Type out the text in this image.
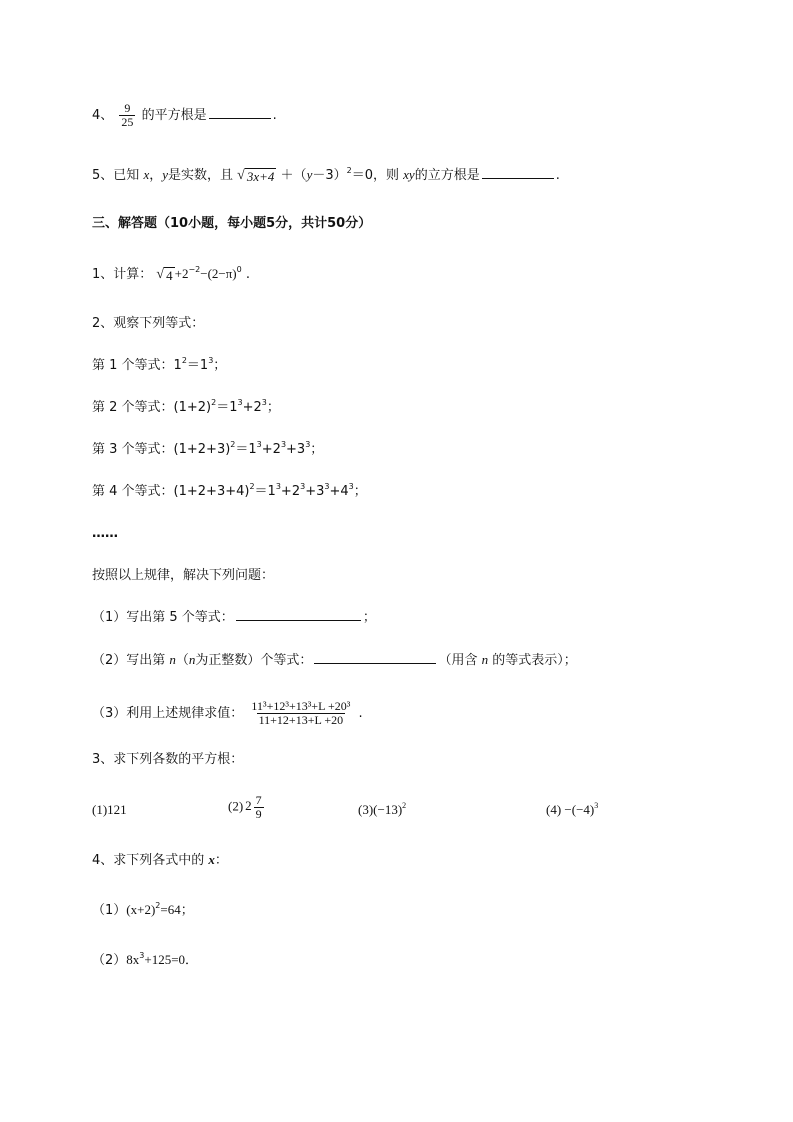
4、 $\frac{9}{25}$ 的平方根是	.
5、已知 x，y是实数，且 √ $3x+4 +(y-3)^2=0$，则 xy的立方根是	.
三、解答题（10小题，每小题5分，共计50分）
1、计算： √ $4 +2^{-2}-(2-\pi)^0$ .
2、观察下列等式：
第 1 个等式：$1^2=1^3$；
第 2 个等式：$(1+2)^2=1^3+2^3$；
第 3 个等式：$(1+2+3)^2=1^3+2^3+3^3$；
第 4 个等式：$(1+2+3+4)^2=1^3+2^3+3^3+4^3$；
……
按照以上规律，解决下列问题：
（1）写出第 5 个等式：	；
（2）写出第 n（n为正整数）个等式：	（用含 n 的等式表示）；
（3）利用上述规律求值： $\frac{\text{11³+12³+13³+L +20³}}{11+12+13+L +20}$ .
3、求下列各数的平方根：
(1)121	(2) $2 \frac{7}{9}$	$(3)(-13)^2$	$(4) -(-4)^3$
4、求下列各式中的 x：
$(1)(x+2)^2=64$；
$(2)8x^3+125=0$．
